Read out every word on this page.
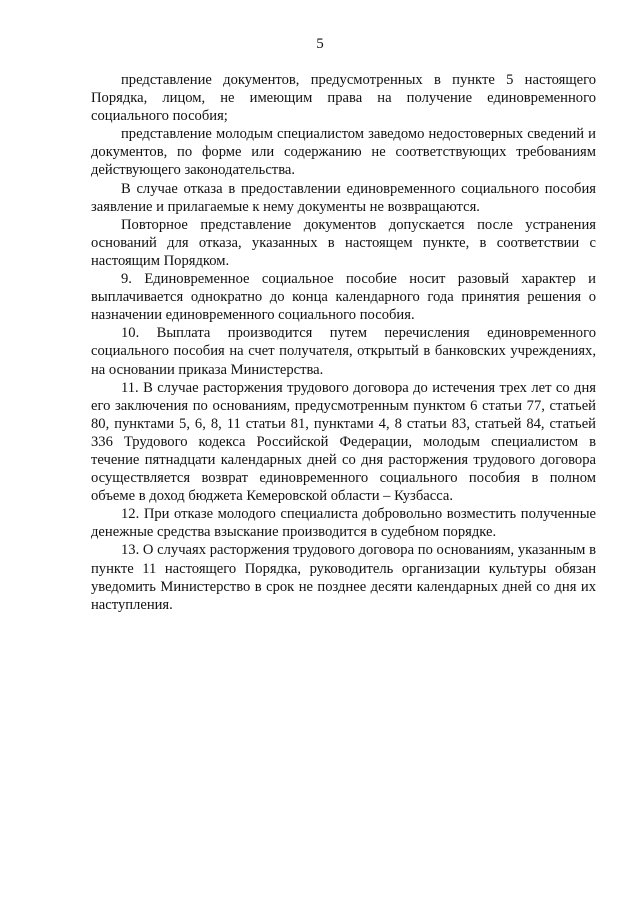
5

представление документов, предусмотренных в пункте 5 настоящего Порядка, лицом, не имеющим права на получение единовременного социального пособия;

представление молодым специалистом заведомо недостоверных сведений и документов, по форме или содержанию не соответствующих требованиям действующего законодательства.

В случае отказа в предоставлении единовременного социального пособия заявление и прилагаемые к нему документы не возвращаются.

Повторное представление документов допускается после устранения оснований для отказа, указанных в настоящем пункте, в соответствии с настоящим Порядком.

9. Единовременное социальное пособие носит разовый характер и выплачивается однократно до конца календарного года принятия решения о назначении единовременного социального пособия.

10. Выплата производится путем перечисления единовременного социального пособия на счет получателя, открытый в банковских учреждениях, на основании приказа Министерства.

11. В случае расторжения трудового договора до истечения трех лет со дня его заключения по основаниям, предусмотренным пунктом 6 статьи 77, статьей 80, пунктами 5, 6, 8, 11 статьи 81, пунктами 4, 8 статьи 83, статьей 84, статьей 336 Трудового кодекса Российской Федерации, молодым специалистом в течение пятнадцати календарных дней со дня расторжения трудового договора осуществляется возврат единовременного социального пособия в полном объеме в доход бюджета Кемеровской области – Кузбасса.

12. При отказе молодого специалиста добровольно возместить полученные денежные средства взыскание производится в судебном порядке.

13. О случаях расторжения трудового договора по основаниям, указанным в пункте 11 настоящего Порядка, руководитель организации культуры обязан уведомить Министерство в срок не позднее десяти календарных дней со дня их наступления.
